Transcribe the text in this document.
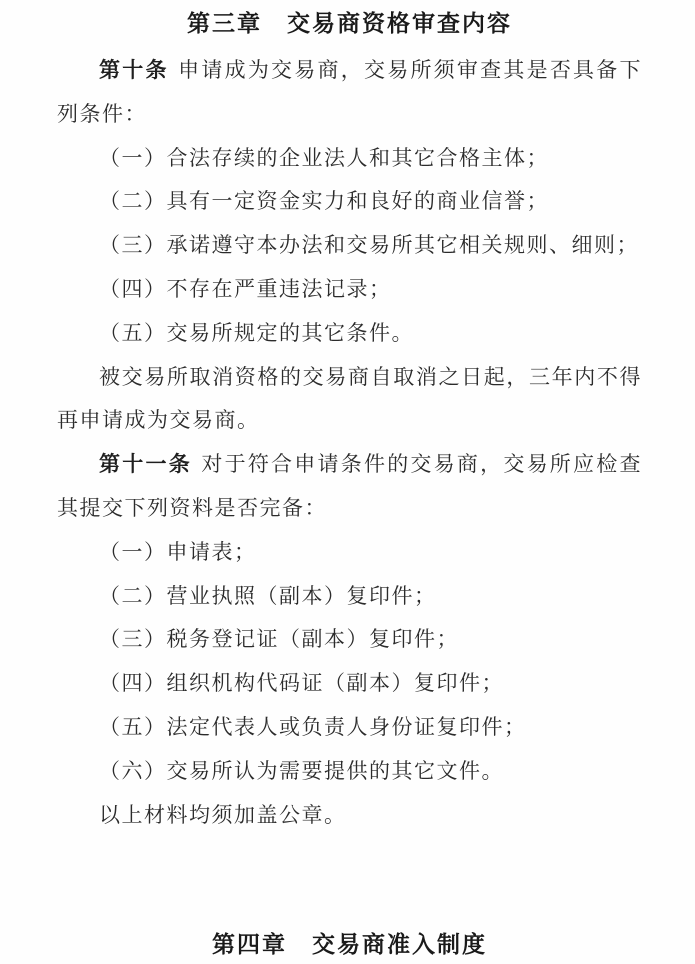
第三章　交易商资格审查内容

第十条 申请成为交易商，交易所须审查其是否具备下列条件：

（一）合法存续的企业法人和其它合格主体；

（二）具有一定资金实力和良好的商业信誉；

（三）承诺遵守本办法和交易所其它相关规则、细则；

（四）不存在严重违法记录；

（五）交易所规定的其它条件。

被交易所取消资格的交易商自取消之日起，三年内不得再申请成为交易商。

第十一条 对于符合申请条件的交易商，交易所应检查其提交下列资料是否完备：

（一）申请表；

（二）营业执照（副本）复印件；

（三）税务登记证（副本）复印件；

（四）组织机构代码证（副本）复印件；

（五）法定代表人或负责人身份证复印件；

（六）交易所认为需要提供的其它文件。

以上材料均须加盖公章。

第四章　交易商准入制度
